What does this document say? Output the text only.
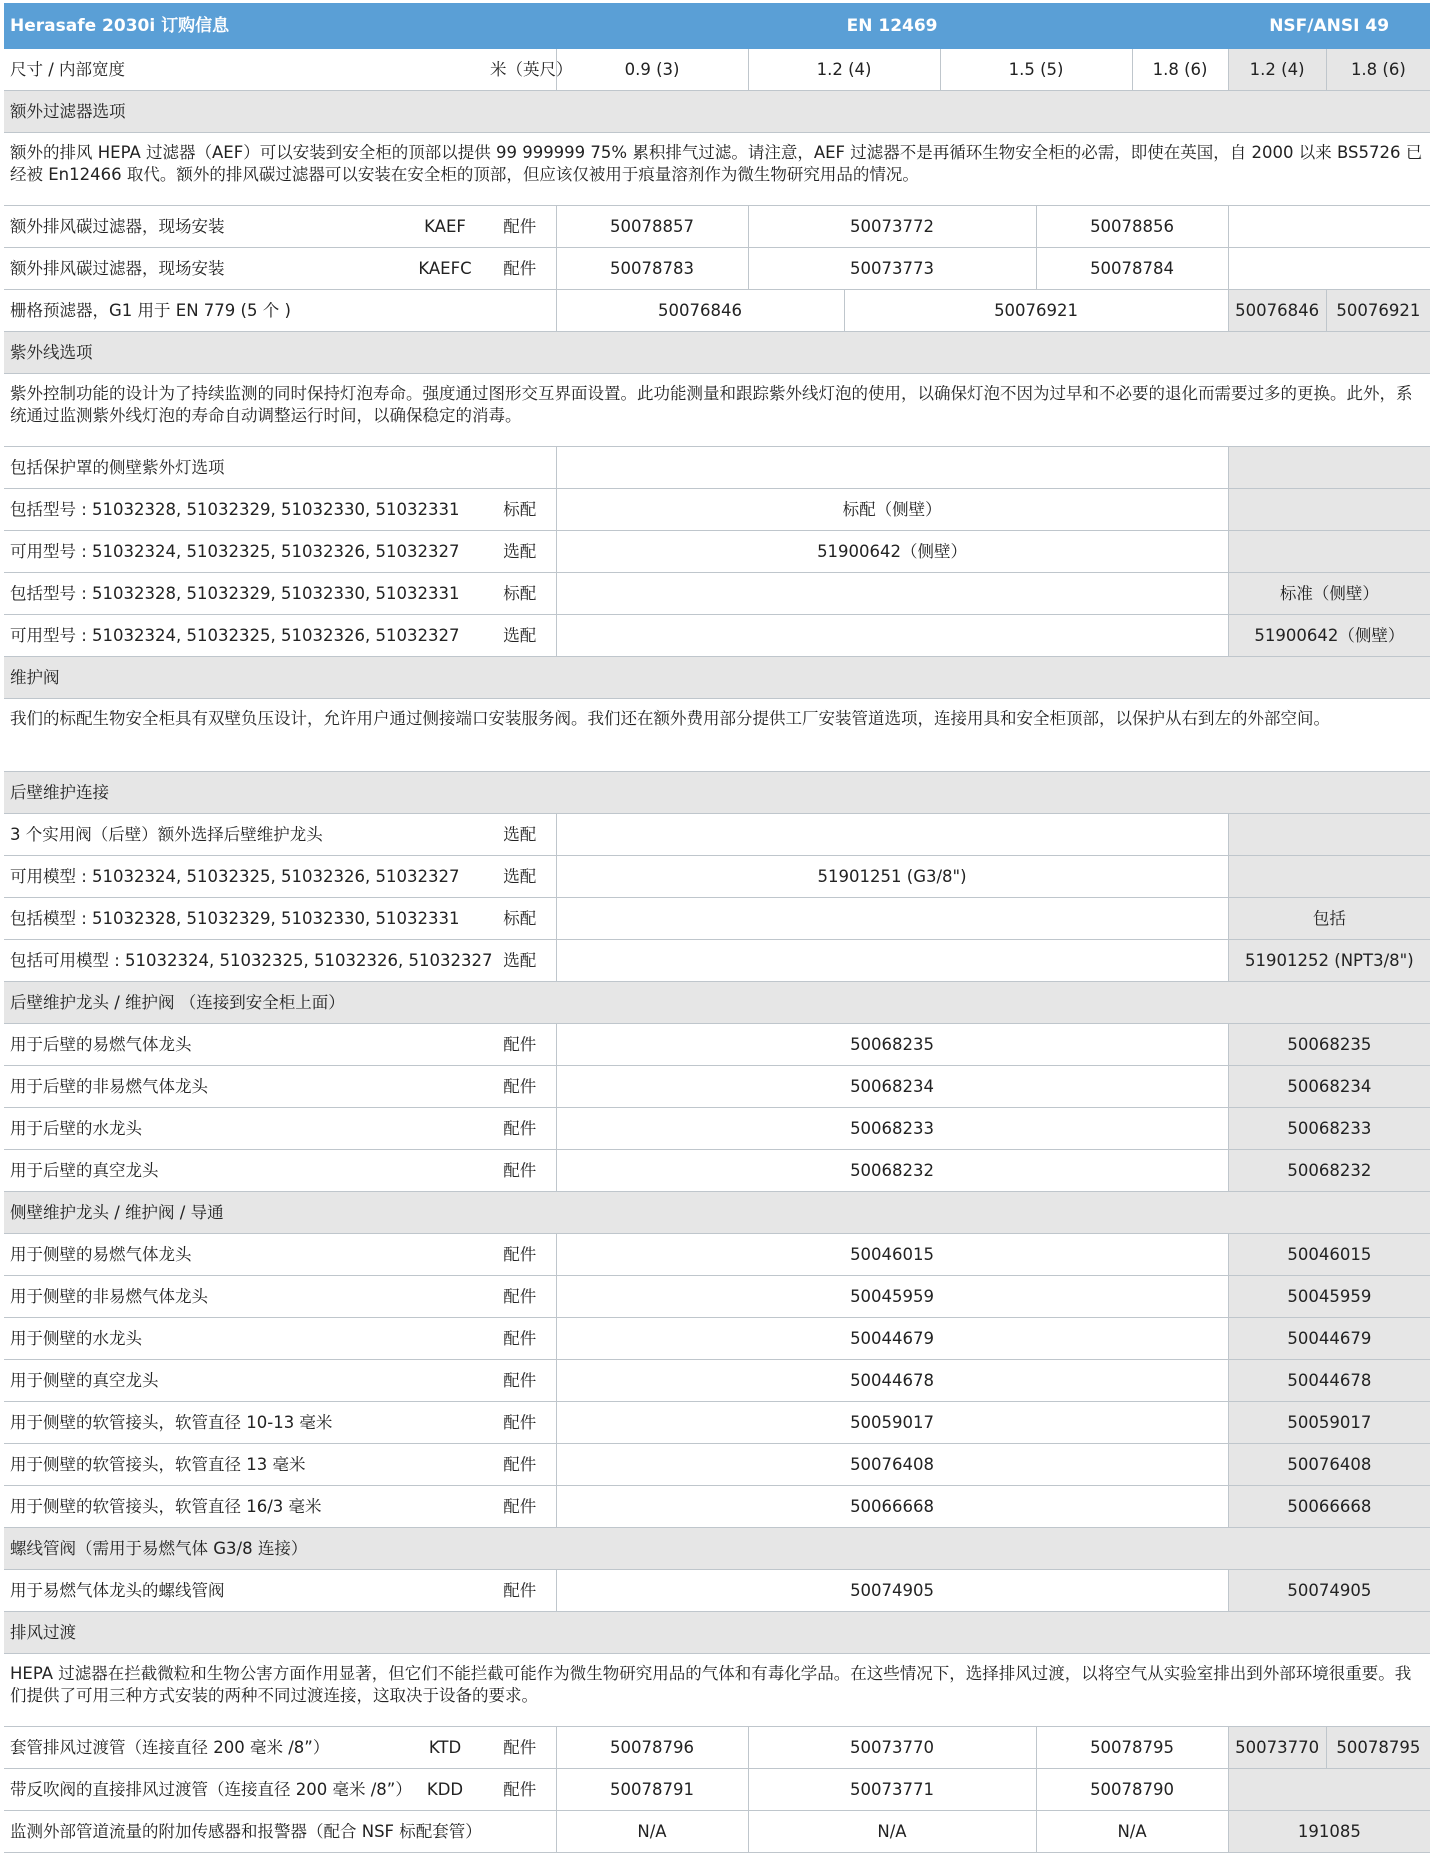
Herasafe 2030i 订购信息			EN 12469						NSF/ANSI 49	
尺寸 / 内部宽度		米（英尺）	0.9 (3)	1.2 (4)		1.5 (5)		1.8 (6)	1.2 (4)	1.8 (6)
额外过滤器选项										
额外的排风 HEPA 过滤器（AEF）可以安装到安全柜的顶部以提供 99 999999 75% 累积排气过滤。请注意，AEF 过滤器不是再循环生物安全柜的必需，即使在英国，自 2000 以来 BS5726 已经被 En12466 取代。额外的排风碳过滤器可以安装在安全柜的顶部，但应该仅被用于痕量溶剂作为微生物研究用品的情况。										
额外排风碳过滤器，现场安装	KAEF	配件	50078857	50073772			50078856			
额外排风碳过滤器，现场安装	KAEFC	配件	50078783	50073773			50078784			
栅格预滤器，G1 用于 EN 779 (5 个 )			50076846		50076921				50076846	50076921
紫外线选项										
紫外控制功能的设计为了持续监测的同时保持灯泡寿命。强度通过图形交互界面设置。此功能测量和跟踪紫外线灯泡的使用，以确保灯泡不因为过早和不必要的退化而需要过多的更换。此外，系统通过监测紫外线灯泡的寿命自动调整运行时间，以确保稳定的消毒。										
包括保护罩的侧壁紫外灯选项										
包括型号 : 51032328, 51032329, 51032330, 51032331		标配	标配（侧壁）							
可用型号 : 51032324, 51032325, 51032326, 51032327		选配	51900642（侧壁）							
包括型号 : 51032328, 51032329, 51032330, 51032331		标配							标准（侧壁）	
可用型号 : 51032324, 51032325, 51032326, 51032327		选配							51900642（侧壁）	
维护阀										
我们的标配生物安全柜具有双壁负压设计，允许用户通过侧接端口安装服务阀。我们还在额外费用部分提供工厂安装管道选项，连接用具和安全柜顶部，以保护从右到左的外部空间。										
后壁维护连接										
3 个实用阀（后壁）额外选择后壁维护龙头		选配								
可用模型 : 51032324, 51032325, 51032326, 51032327		选配	51901251 (G3/8")							
包括模型 : 51032328, 51032329, 51032330, 51032331		标配							包括	
包括可用模型 : 51032324, 51032325, 51032326, 51032327		选配							51901252 (NPT3/8")	
后壁维护龙头 / 维护阀 （连接到安全柜上面）										
用于后壁的易燃气体龙头		配件	50068235						50068235	
用于后壁的非易燃气体龙头		配件	50068234						50068234	
用于后壁的水龙头		配件	50068233						50068233	
用于后壁的真空龙头		配件	50068232						50068232	
侧壁维护龙头 / 维护阀 / 导通										
用于侧壁的易燃气体龙头		配件	50046015						50046015	
用于侧壁的非易燃气体龙头		配件	50045959						50045959	
用于侧壁的水龙头		配件	50044679						50044679	
用于侧壁的真空龙头		配件	50044678						50044678	
用于侧壁的软管接头，软管直径 10-13 毫米		配件	50059017						50059017	
用于侧壁的软管接头，软管直径 13 毫米		配件	50076408						50076408	
用于侧壁的软管接头，软管直径 16/3 毫米		配件	50066668						50066668	
螺线管阀（需用于易燃气体 G3/8 连接）										
用于易燃气体龙头的螺线管阀		配件	50074905						50074905	
排风过渡										
HEPA 过滤器在拦截微粒和生物公害方面作用显著，但它们不能拦截可能作为微生物研究用品的气体和有毒化学品。在这些情况下，选择排风过渡，以将空气从实验室排出到外部环境很重要。我们提供了可用三种方式安装的两种不同过渡连接，这取决于设备的要求。										
套管排风过渡管（连接直径 200 毫米 /8”）	KTD	配件	50078796	50073770			50078795		50073770	50078795
带反吹阀的直接排风过渡管（连接直径 200 毫米 /8”）	KDD	配件	50078791	50073771			50078790			
监测外部管道流量的附加传感器和报警器（配合 NSF 标配套管）			N/A	N/A			N/A		191085	
